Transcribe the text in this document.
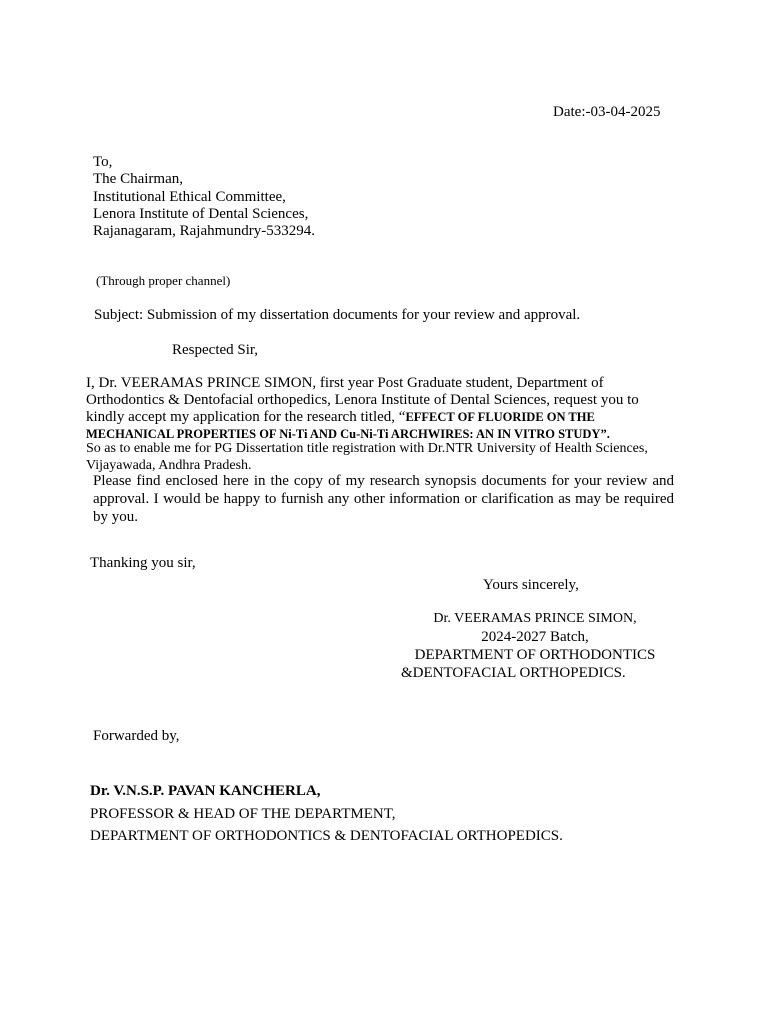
Date:-03-04-2025
To,
The Chairman,
Institutional Ethical Committee,
Lenora Institute of Dental Sciences,
Rajanagaram, Rajahmundry-533294.
(Through proper channel)
Subject: Submission of my dissertation documents for your review and approval.
Respected Sir,
I, Dr. VEERAMAS PRINCE SIMON, first year Post Graduate student, Department of Orthodontics & Dentofacial orthopedics, Lenora Institute of Dental Sciences, request you to kindly accept my application for the research titled, “EFFECT OF FLUORIDE ON THE MECHANICAL PROPERTIES OF Ni-Ti AND Cu-Ni-Ti ARCHWIRES: AN IN VITRO STUDY”.
So as to enable me for PG Dissertation title registration with Dr.NTR University of Health Sciences, Vijayawada, Andhra Pradesh.
Please find enclosed here in the copy of my research synopsis documents for your review and approval. I would be happy to furnish any other information or clarification as may be required by you.
Thanking you sir,
Yours sincerely,
Dr. VEERAMAS PRINCE SIMON,
2024-2027 Batch,
DEPARTMENT OF ORTHODONTICS
&DENTOFACIAL ORTHOPEDICS.
Forwarded by,
Dr. V.N.S.P. PAVAN KANCHERLA,
PROFESSOR & HEAD OF THE DEPARTMENT,
DEPARTMENT OF ORTHODONTICS & DENTOFACIAL ORTHOPEDICS.
